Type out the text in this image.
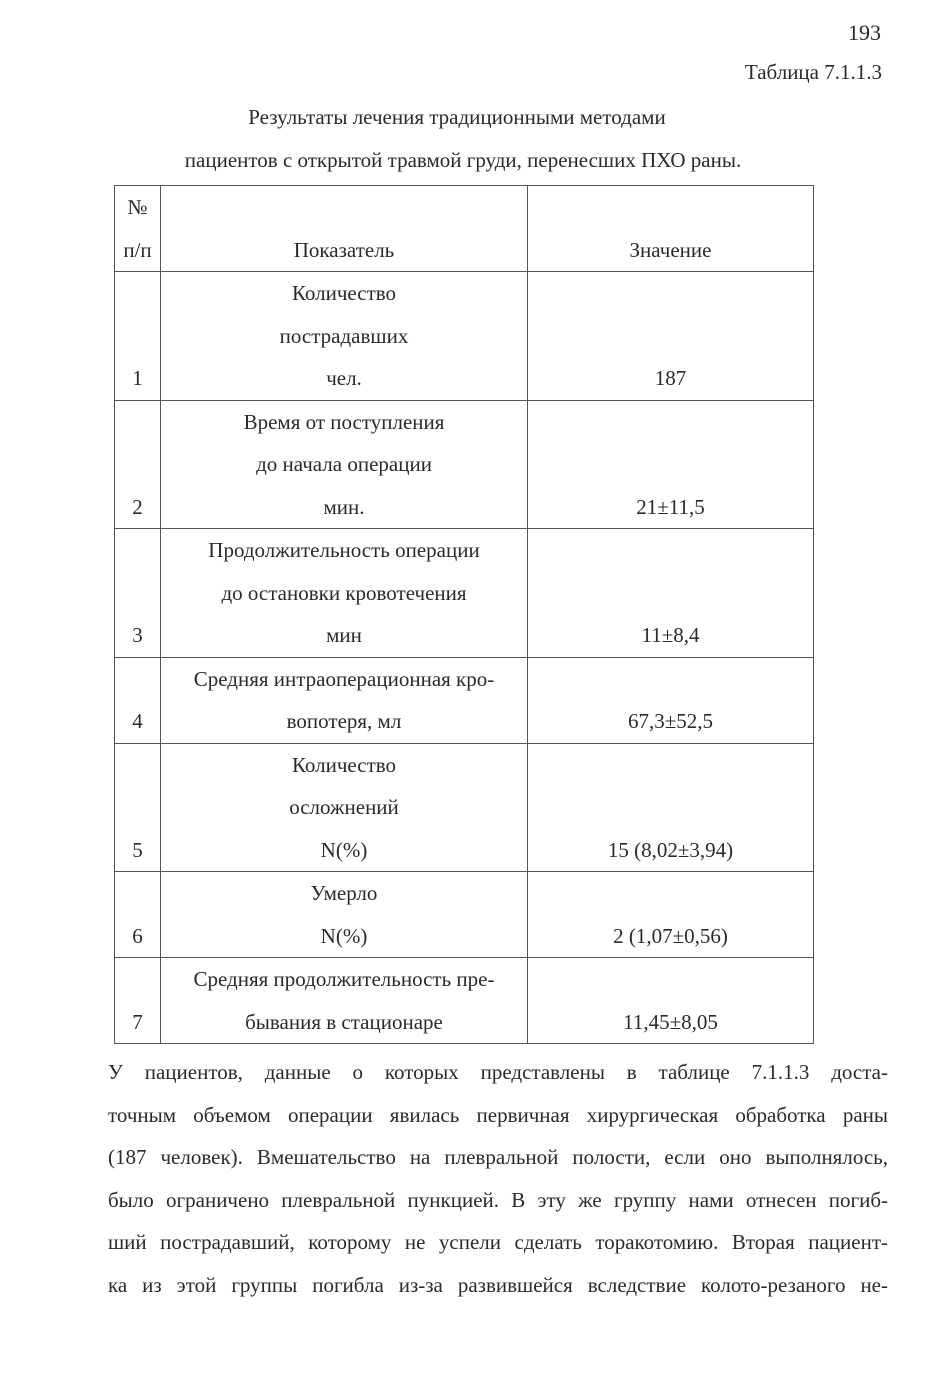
193
Таблица 7.1.1.3
Результаты лечения традиционными методами
пациентов с открытой травмой груди, перенесших ПХО раны.
№
п/п	Показатель	Значение

1	Количество
пострадавших
чел.	187
2	Время от поступления
до начала операции
мин.	21±11,5
3	Продолжительность операции
до остановки кровотечения
мин	11±8,4
4	Средняя интраоперационная кро-
вопотеря, мл	67,3±52,5
5	Количество
осложнений
N(%)	15 (8,02±3,94)
6	Умерло
N(%)	2 (1,07±0,56)
7	Средняя продолжительность пре-
бывания в стационаре	11,45±8,05
У пациентов, данные о которых представлены в таблице 7.1.1.3 доста-
точным объемом операции явилась первичная хирургическая обработка раны
(187 человек). Вмешательство на плевральной полости, если оно выполнялось,
было ограничено плевральной пункцией. В эту же группу нами отнесен погиб-
ший пострадавший, которому не успели сделать торакотомию. Вторая пациент-
ка из этой группы погибла из-за развившейся вследствие колото-резаного не-
